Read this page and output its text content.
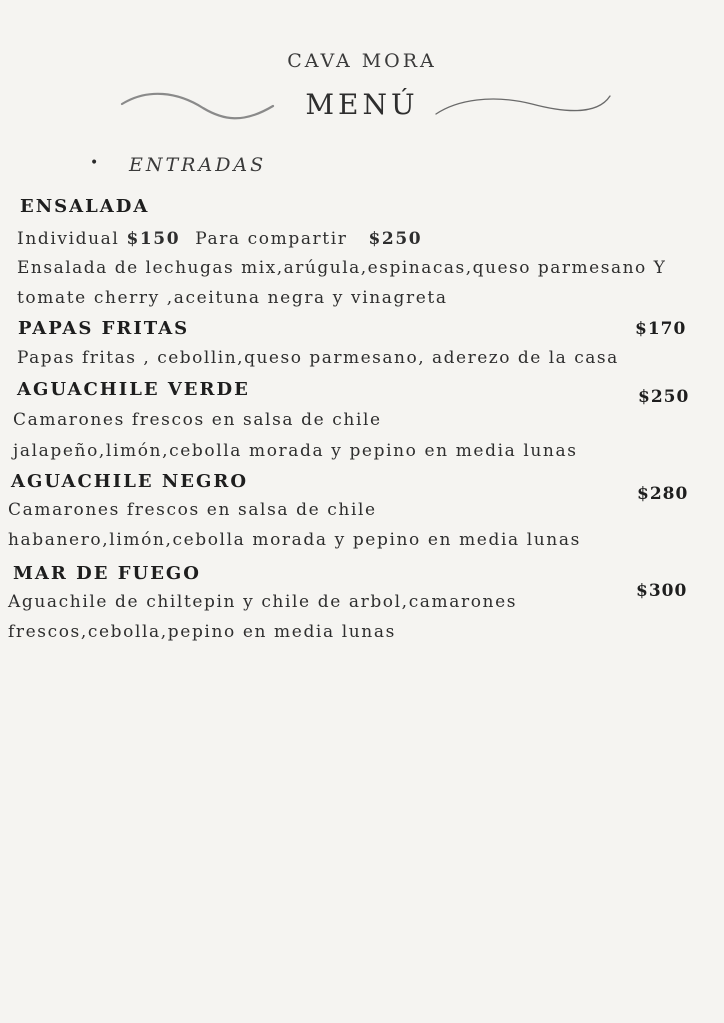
CAVA MORA
MENÚ
• ENTRADAS
ENSALADA
Individual $150 Para compartir $250
Ensalada de lechugas mix,arúgula,espinacas,queso parmesano Y
tomate cherry ,aceituna negra y vinagreta
PAPAS FRITAS	$170
Papas fritas , cebollin,queso parmesano, aderezo de la casa
AGUACHILE VERDE	$250
Camarones frescos en salsa de chile
jalapeño,limón,cebolla morada y pepino en media lunas
AGUACHILE NEGRO
$280
Camarones frescos en salsa de chile
habanero,limón,cebolla morada y pepino en media lunas
MAR DE FUEGO
$300
Aguachile de chiltepin y chile de arbol,camarones
frescos,cebolla,pepino en media lunas
